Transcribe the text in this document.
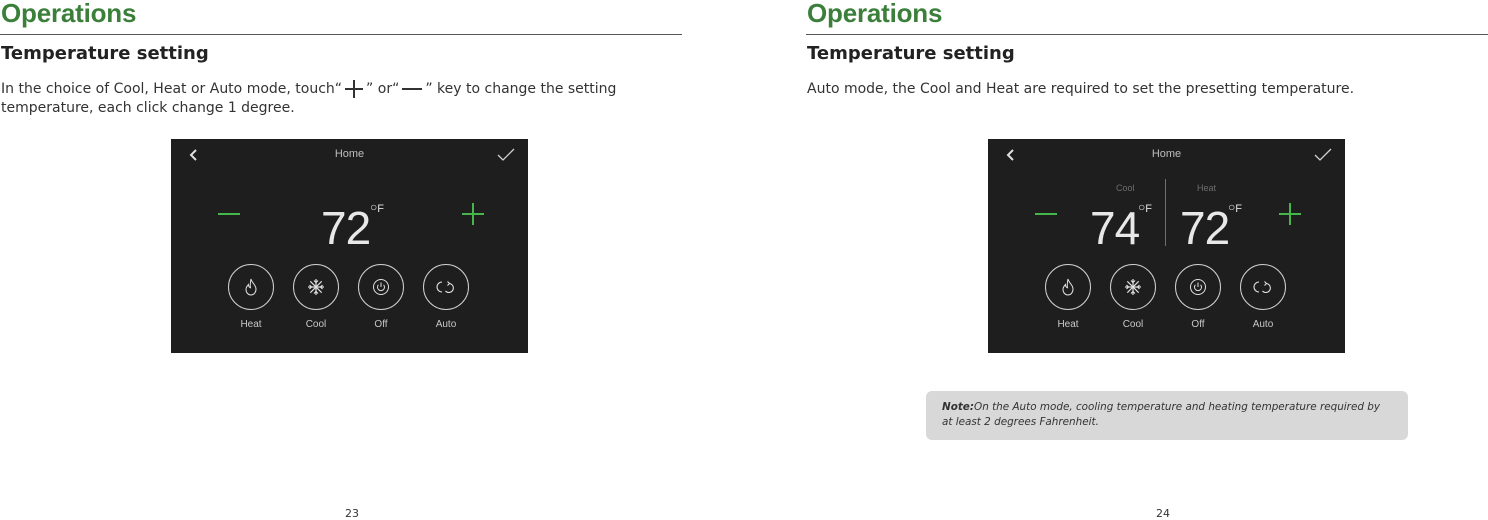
Operations
Temperature setting

In the choice of Cool, Heat or Auto mode, touch“ ” or“ ” key to change the setting temperature, each click change 1 degree.

Home
72 ○F
Heat	Cool	Off	Auto
23
Operations
Temperature setting

Auto mode, the Cool and Heat are required to set the presetting temperature.

Home
Cool
74
○F
Heat
72
○F
Heat	Cool	Off	Auto
Note:On the Auto mode, cooling temperature and heating temperature required by at least 2 degrees Fahrenheit.
24
